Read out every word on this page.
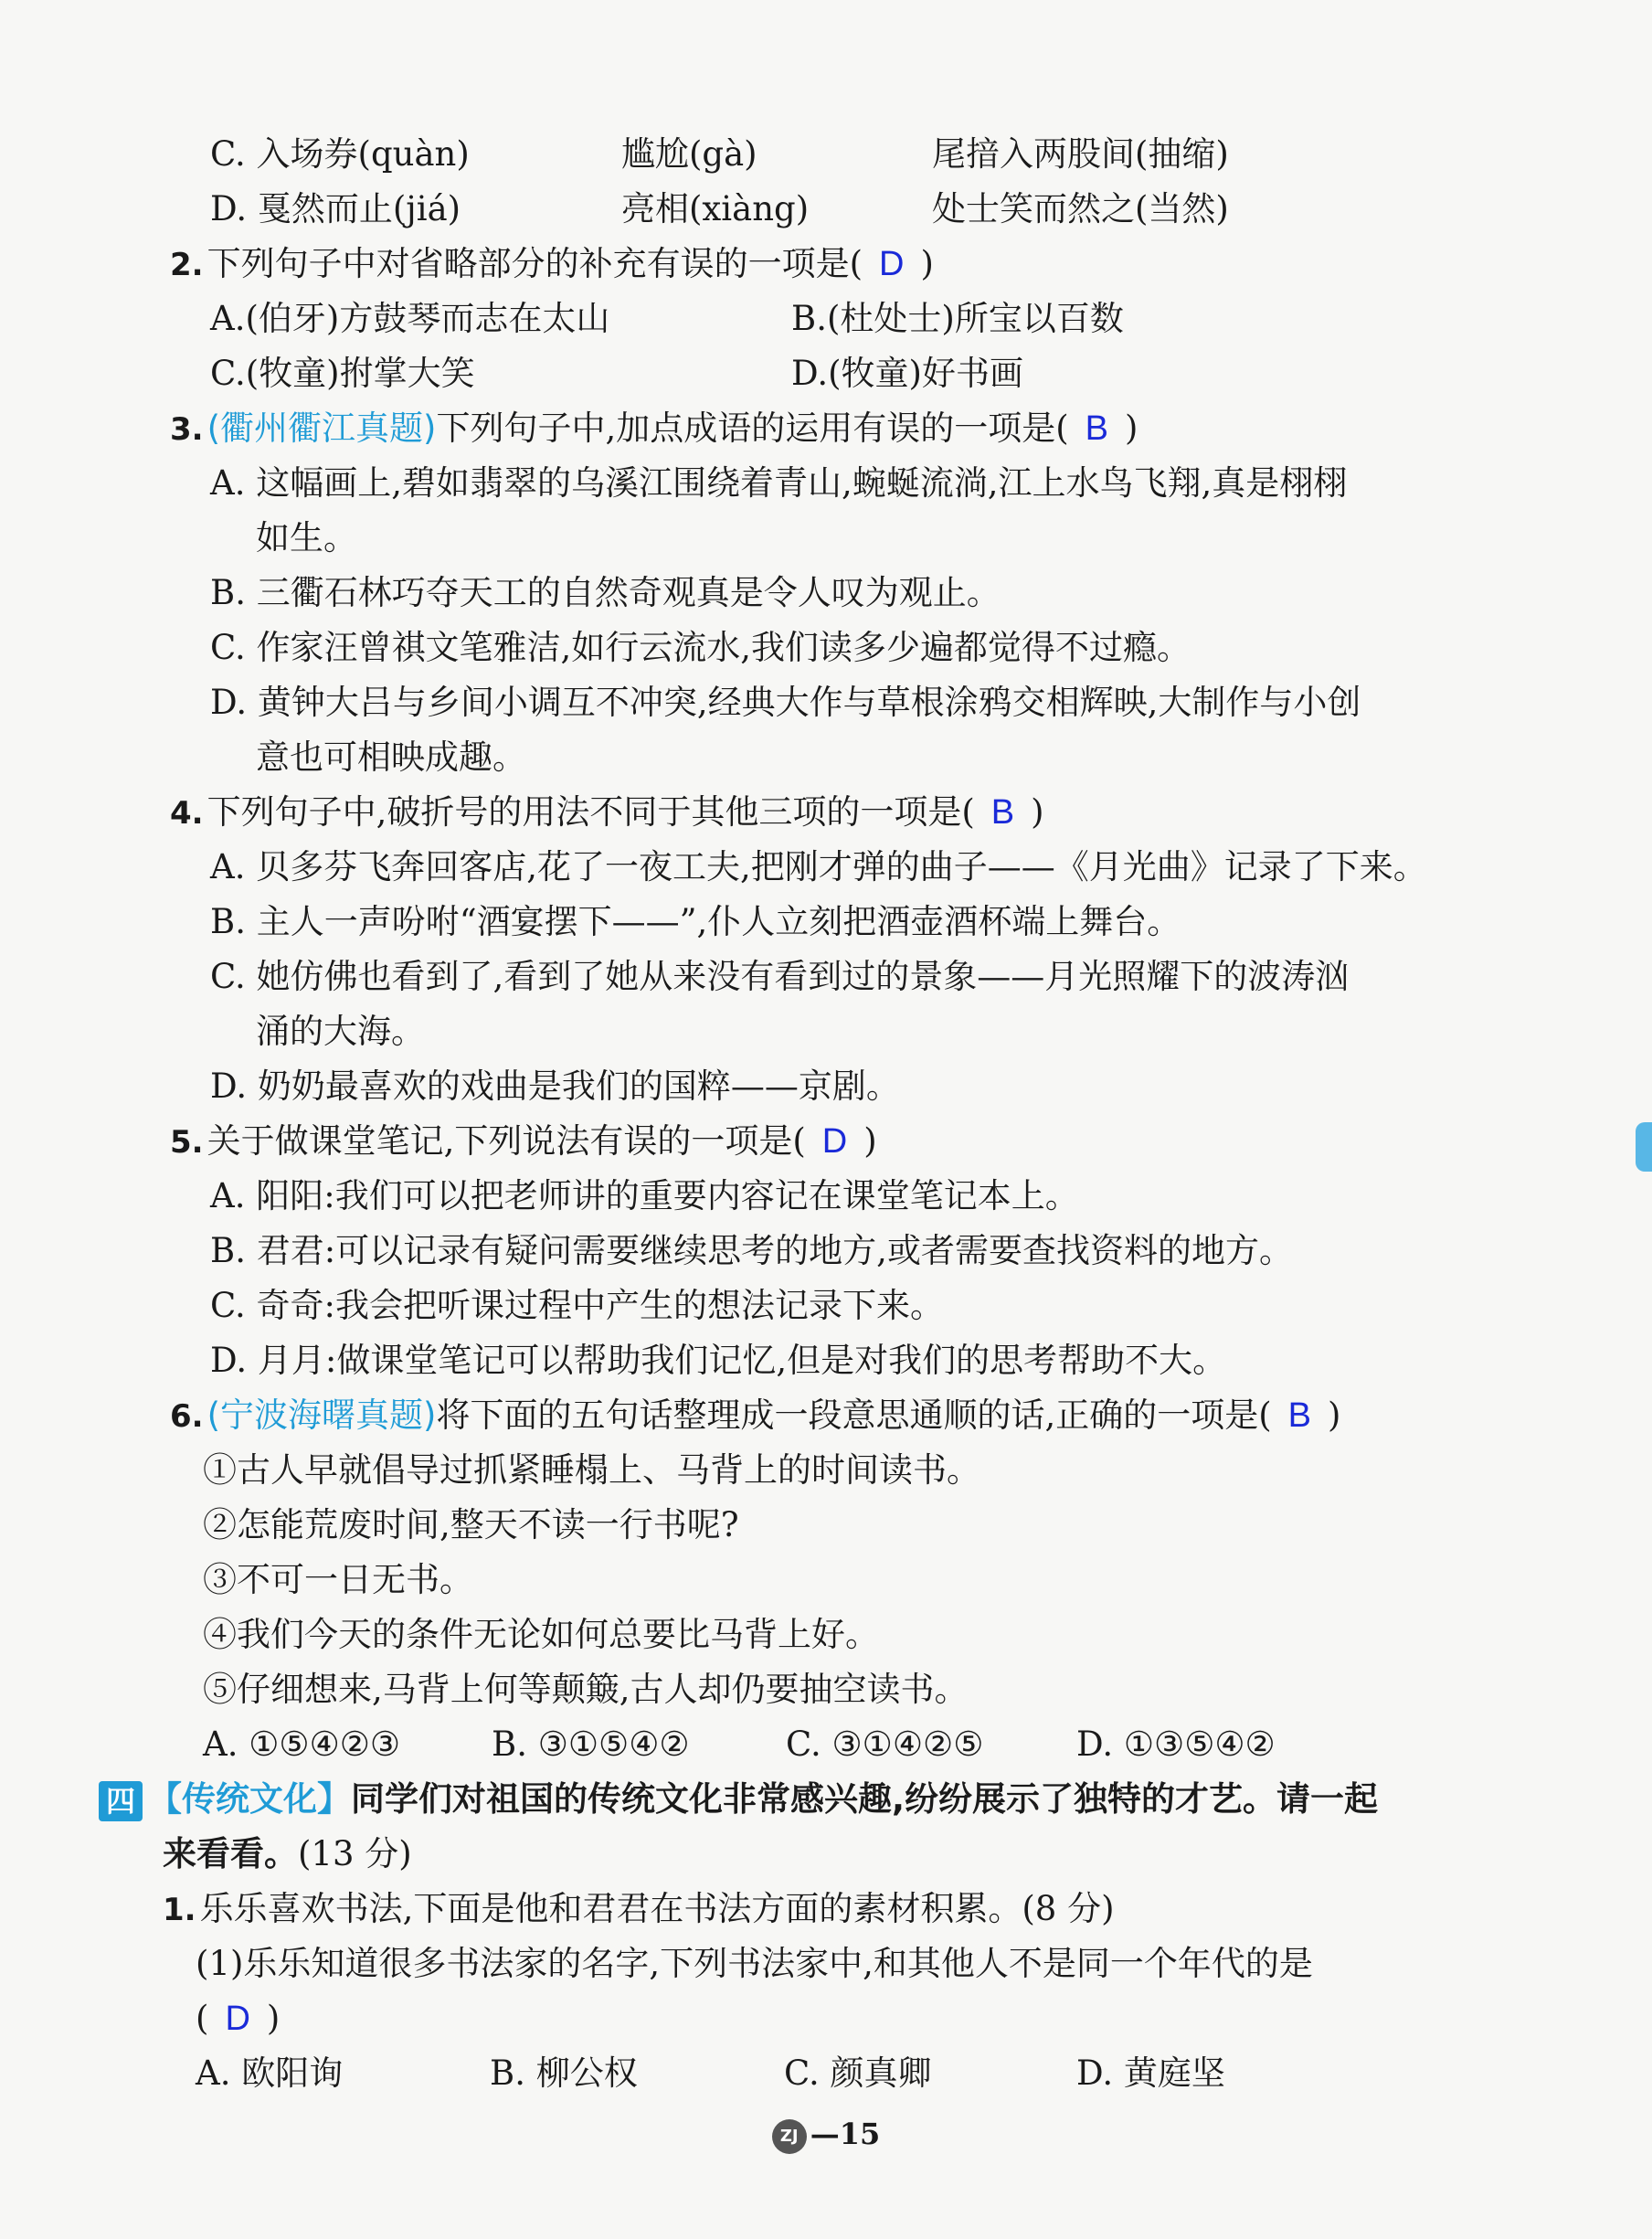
C. 入场券(quàn)	尴尬(gà)	尾揞入两股间(抽缩)
D. 戛然而止(jiá)	亮相(xiàng)	处士笑而然之(当然)
2. 下列句子中对省略部分的补充有误的一项是( D )
A.(伯牙)方鼓琴而志在太山	B.(杜处士)所宝以百数
C.(牧童)拊掌大笑	D.(牧童)好书画
3. (衢州衢江真题)下列句子中,加点成语的运用有误的一项是( B )
A. 这幅画上,碧如翡翠的乌溪江围绕着青山,蜿蜒流淌,江上水鸟飞翔,真是栩栩
如生。
B. 三衢石林巧夺天工的自然奇观真是令人叹为观止。
C. 作家汪曾祺文笔雅洁,如行云流水,我们读多少遍都觉得不过瘾。
D. 黄钟大吕与乡间小调互不冲突,经典大作与草根涂鸦交相辉映,大制作与小创
意也可相映成趣。
4. 下列句子中,破折号的用法不同于其他三项的一项是( B )
A. 贝多芬飞奔回客店,花了一夜工夫,把刚才弹的曲子——《月光曲》记录了下来。
B. 主人一声吩咐“酒宴摆下——”,仆人立刻把酒壶酒杯端上舞台。
C. 她仿佛也看到了,看到了她从来没有看到过的景象——月光照耀下的波涛汹
涌的大海。
D. 奶奶最喜欢的戏曲是我们的国粹——京剧。
5. 关于做课堂笔记,下列说法有误的一项是( D )
A. 阳阳:我们可以把老师讲的重要内容记在课堂笔记本上。
B. 君君:可以记录有疑问需要继续思考的地方,或者需要查找资料的地方。
C. 奇奇:我会把听课过程中产生的想法记录下来。
D. 月月:做课堂笔记可以帮助我们记忆,但是对我们的思考帮助不大。
6. (宁波海曙真题)将下面的五句话整理成一段意思通顺的话,正确的一项是( B )
①古人早就倡导过抓紧睡榻上、马背上的时间读书。
②怎能荒废时间,整天不读一行书呢?
③不可一日无书。
④我们今天的条件无论如何总要比马背上好。
⑤仔细想来,马背上何等颠簸,古人却仍要抽空读书。
A. ①⑤④②③	B. ③①⑤④②	C. ③①④②⑤	D. ①③⑤④②
四 【传统文化】同学们对祖国的传统文化非常感兴趣,纷纷展示了独特的才艺。请一起
来看看。(13 分)
1. 乐乐喜欢书法,下面是他和君君在书法方面的素材积累。(8 分)
(1)乐乐知道很多书法家的名字,下列书法家中,和其他人不是同一个年代的是
( D )
A. 欧阳询	B. 柳公权	C. 颜真卿	D. 黄庭坚
ZJ —15
